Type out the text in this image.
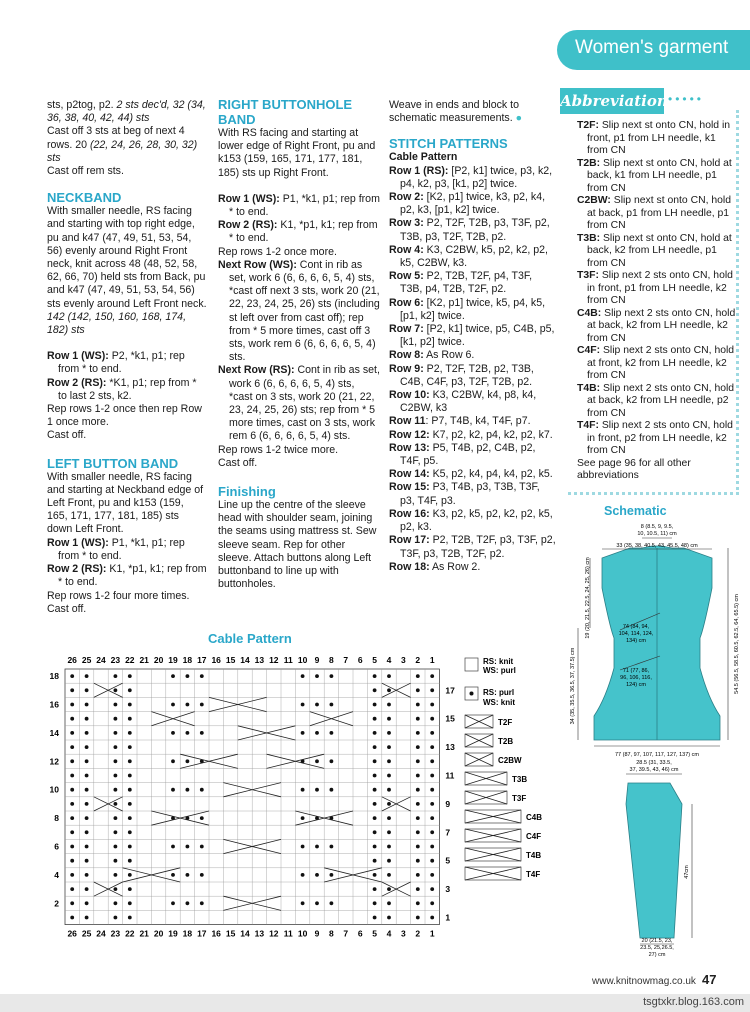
Women's garment

sts, p2tog, p2. 2 sts dec'd, 32 (34, 36, 38, 40, 42, 44) sts

Cast off 3 sts at beg of next 4 rows. 20 (22, 24, 26, 28, 30, 32) sts

Cast off rem sts.

NECKBAND

With smaller needle, RS facing and starting with top right edge, pu and k47 (47, 49, 51, 53, 54, 56) evenly around Right Front neck, knit across 48 (48, 52, 58, 62, 66, 70) held sts from Back, pu and k47 (47, 49, 51, 53, 54, 56) sts evenly around Left Front neck. 142 (142, 150, 160, 168, 174, 182) sts

Row 1 (WS): P2, *k1, p1; rep from * to end.

Row 2 (RS): *K1, p1; rep from * to last 2 sts, k2.

Rep rows 1-2 once then rep Row 1 once more.

Cast off.

LEFT BUTTON BAND

With smaller needle, RS facing and starting at Neckband edge of Left Front, pu and k153 (159, 165, 171, 177, 181, 185) sts down Left Front.

Row 1 (WS): P1, *k1, p1; rep from * to end.

Row 2 (RS): K1, *p1, k1; rep from * to end.

Rep rows 1-2 four more times.

Cast off.

RIGHT BUTTONHOLE BAND

With RS facing and starting at lower edge of Right Front, pu and k153 (159, 165, 171, 177, 181, 185) sts up Right Front.

Row 1 (WS): P1, *k1, p1; rep from * to end.

Row 2 (RS): K1, *p1, k1; rep from * to end.

Rep rows 1-2 once more.

Next Row (WS): Cont in rib as set, work 6 (6, 6, 6, 6, 5, 4) sts, *cast off next 3 sts, work 20 (21, 22, 23, 24, 25, 26) sts (including st left over from cast off); rep from * 5 more times, cast off 3 sts, work rem 6 (6, 6, 6, 6, 5, 4) sts.

Next Row (RS): Cont in rib as set, work 6 (6, 6, 6, 6, 5, 4) sts, *cast on 3 sts, work 20 (21, 22, 23, 24, 25, 26) sts; rep from * 5 more times, cast on 3 sts, work rem 6 (6, 6, 6, 6, 5, 4) sts.

Rep rows 1-2 twice more.

Cast off.

Finishing

Line up the centre of the sleeve head with shoulder seam, joining the seams using mattress st. Sew sleeve seam. Rep for other sleeve. Attach buttons along Left buttonband to line up with buttonholes.

Weave in ends and block to schematic measurements. ●

STITCH PATTERNS

Cable Pattern

Row 1 (RS): [P2, k1] twice, p3, k2, p4, k2, p3, [k1, p2] twice.

Row 2: [K2, p1] twice, k3, p2, k4, p2, k3, [p1, k2] twice.

Row 3: P2, T2F, T2B, p3, T3F, p2, T3B, p3, T2F, T2B, p2.

Row 4: K3, C2BW, k5, p2, k2, p2, k5, C2BW, k3.

Row 5: P2, T2B, T2F, p4, T3F, T3B, p4, T2B, T2F, p2.

Row 6: [K2, p1] twice, k5, p4, k5, [p1, k2] twice.

Row 7: [P2, k1] twice, p5, C4B, p5, [k1, p2] twice.

Row 8: As Row 6.

Row 9: P2, T2F, T2B, p2, T3B, C4B, C4F, p3, T2F, T2B, p2.

Row 10: K3, C2BW, k4, p8, k4, C2BW, k3

Row 11: P7, T4B, k4, T4F, p7.

Row 12: K7, p2, k2, p4, k2, p2, k7.

Row 13: P5, T4B, p2, C4B, p2, T4F, p5.

Row 14: K5, p2, k4, p4, k4, p2, k5.

Row 15: P3, T4B, p3, T3B, T3F, p3, T4F, p3.

Row 16: K3, p2, k5, p2, k2, p2, k5, p2, k3.

Row 17: P2, T2B, T2F, p3, T3F, p2, T3F, p3, T2B, T2F, p2.

Row 18: As Row 2.

Abbreviations
•••••

T2F: Slip next st onto CN, hold in front, p1 from LH needle, k1 from CN

T2B: Slip next st onto CN, hold at back, k1 from LH needle, p1 from CN

C2BW: Slip next st onto CN, hold at back, p1 from LH needle, p1 from CN

T3B: Slip next st onto CN, hold at back, k2 from LH needle, p1 from CN

T3F: Slip next 2 sts onto CN, hold in front, p1 from LH needle, k2 from CN

C4B: Slip next 2 sts onto CN, hold at back, k2 from LH needle, k2 from CN

C4F: Slip next 2 sts onto CN, hold at front, k2 from LH needle, k2 from CN

T4B: Slip next 2 sts onto CN, hold at back, k2 from LH needle, p2 from CN

T4F: Slip next 2 sts onto CN, hold in front, p2 from LH needle, k2 from CN

See page 96 for all other abbreviations

Schematic
8 (8.5, 9, 9.5,
10, 10.5, 11) cm
33 (35, 38, 40.5, 43, 45.5, 48) cm
19 (20, 21.5, 22.5, 24, 25, 26) cm
34 (35, 35.5, 36.5, 37, 37.5) cm	54.5 (56.5, 58.5, 60.5, 62.5, 64, 65.5) cm
74 (84, 94,
104, 114, 124,
134) cm
71 (77, 86,
96, 106, 116,
124) cm
77 (87, 97, 107, 117, 127, 137) cm
28.5 (31, 33.5,
37, 39.5, 43, 46) cm
47cm
20 (21.5, 23,
23.5, 25,26.5,
27) cm
Cable Pattern
26
26
25
25
24
24
23
23
22
22
21
21
20
20
19
19
18
18
17
17
16
16
15
15
14
14
13
13
12
12
11
11
10
10
9
9
8
8
7
7
6
6
5
5
4
4
3
3
2
2
1
1
18
17
16
15
14
13
12
11
10
9
8
7
6
5
4
3
2
1
RS: knit
WS: purl
RS: purl
WS: knit
T2F
T2B
C2BW
T3B
T3F
C4B
C4F
T4B
T4F
www.knitnowmag.co.uk 47
tsgtxkr.blog.163.com
